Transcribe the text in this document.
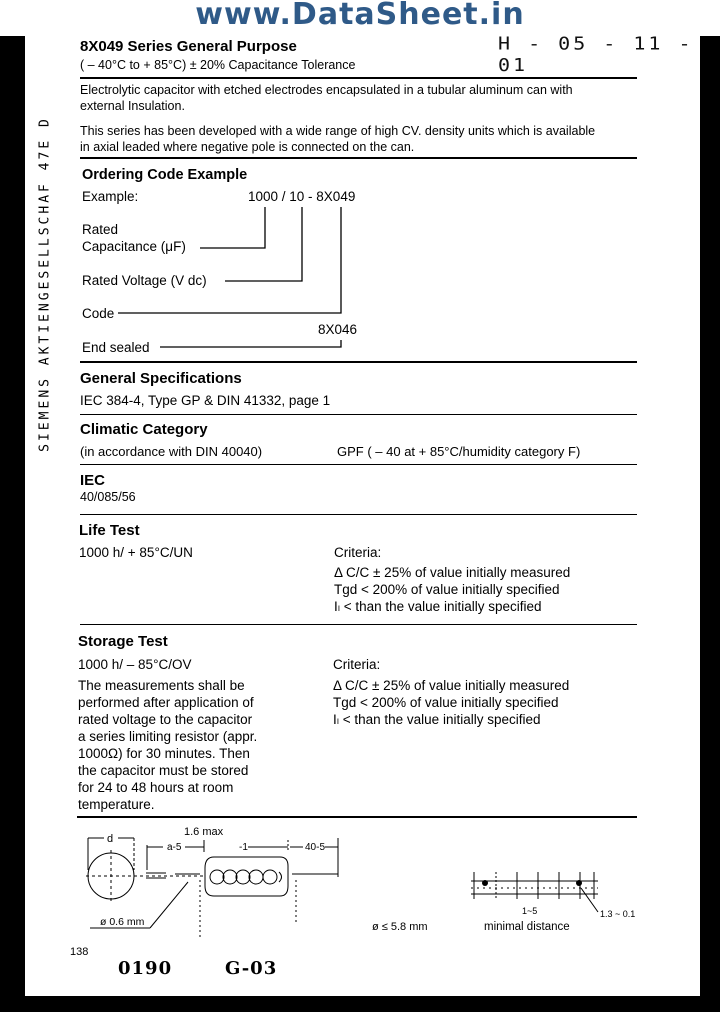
www.DataSheet.in
H - 05 - 11 - 01
SIEMENS AKTIENGESELLSCHAF 47E D
8X049 Series General Purpose
( – 40°C to + 85°C) ± 20% Capacitance Tolerance
Electrolytic capacitor with etched electrodes encapsulated in a tubular aluminum can with
external Insulation.
This series has been developed with a wide range of high CV. density units which is available
in axial leaded where negative pole is connected on the can.
Ordering Code Example
Example:	1000 / 10 - 8X049
Rated
Capacitance (μF)
Rated Voltage (V dc)
Code
8X046
End sealed
General Specifications
IEC 384-4, Type GP & DIN 41332, page 1
Climatic Category
(in accordance with DIN 40040)	GPF ( – 40 at + 85°C/humidity category F)
IEC
40/085/56
Life Test
1000 h/ + 85°C/UN	Criteria:
Δ C/C ± 25% of value initially measured
Tgd < 200% of value initially specified
Iₗ < than the value initially specified
Storage Test
1000 h/ – 85°C/OV	Criteria:
The measurements shall be
performed after application of
rated voltage to the capacitor
a series limiting resistor (appr.
1000Ω) for 30 minutes. Then
the capacitor must be stored
for 24 to 48 hours at room
temperature.
Δ C/C ± 25% of value initially measured
Tgd < 200% of value initially specified
Iₗ < than the value initially specified
d
1.6 max
a-5	-1	40-5
ø 0.6 mm	ø ≤ 5.8 mm
1~5	1.3 ~ 0.1
minimal distance
138
0190	G-03
